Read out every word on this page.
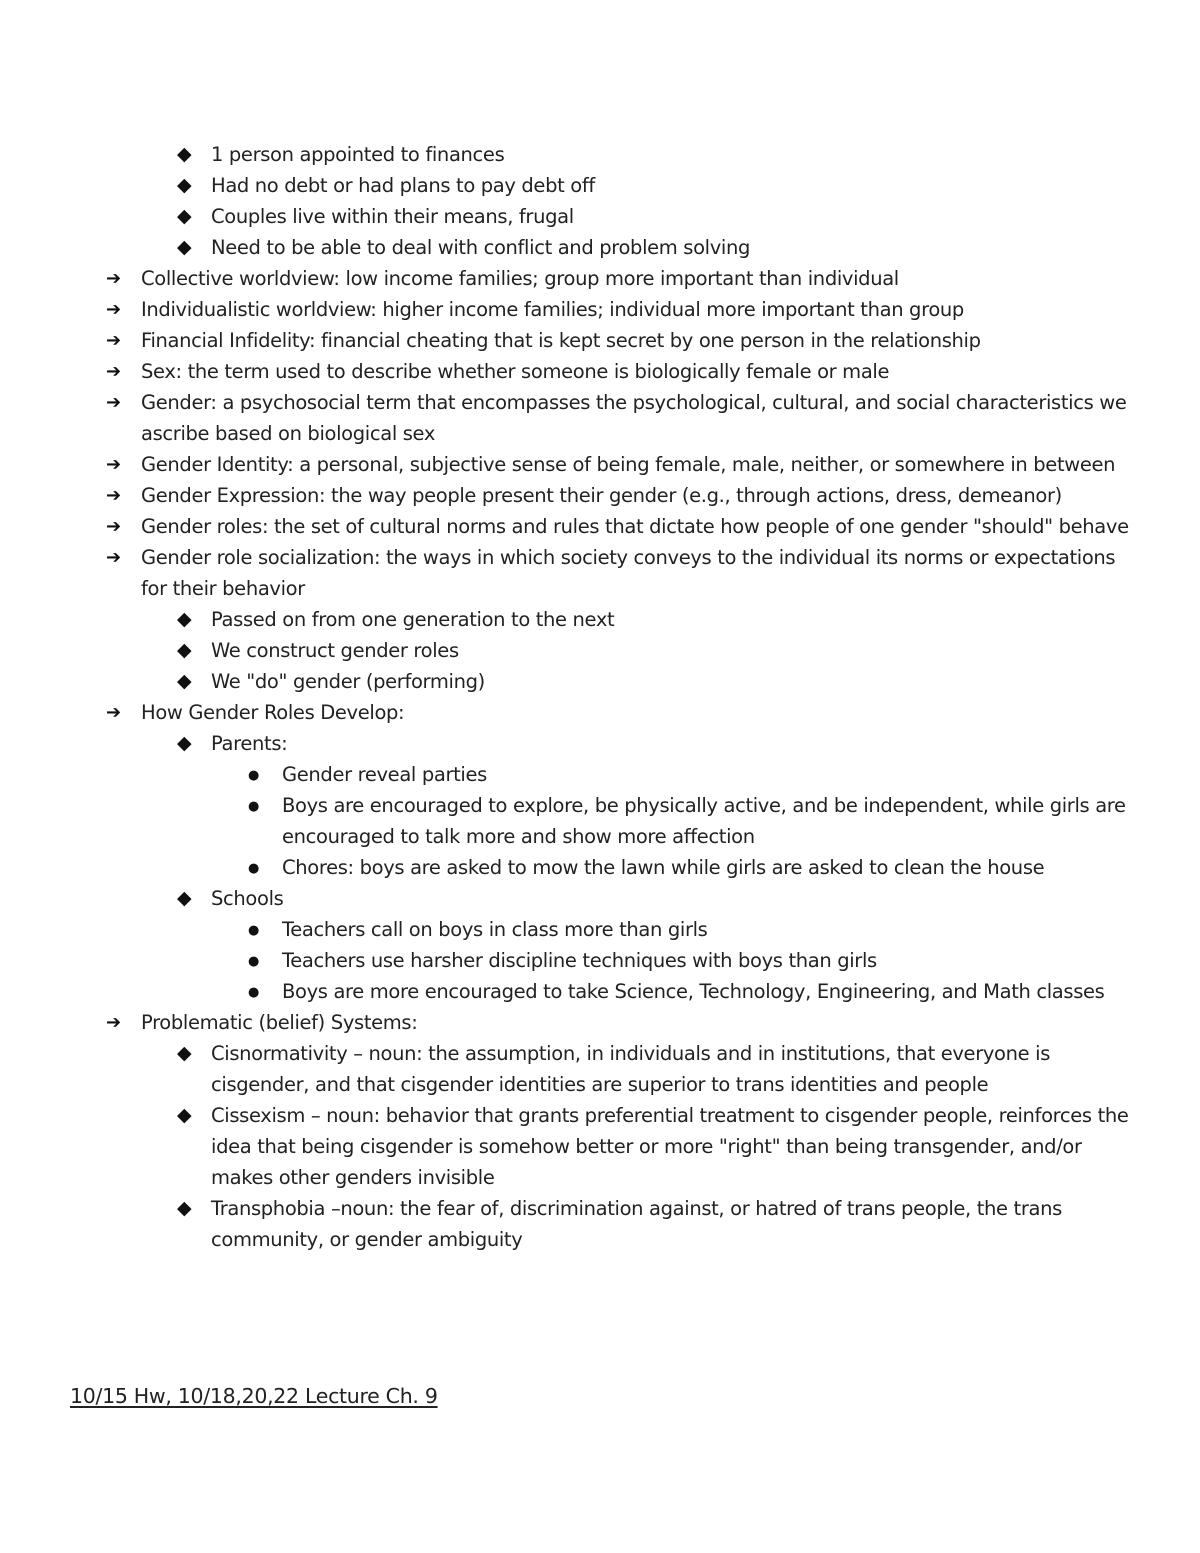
◆ 1 person appointed to finances
◆ Had no debt or had plans to pay debt off
◆ Couples live within their means, frugal
◆ Need to be able to deal with conflict and problem solving
➔ Collective worldview: low income families; group more important than individual
➔ Individualistic worldview: higher income families; individual more important than group
➔ Financial Infidelity: financial cheating that is kept secret by one person in the relationship
➔ Sex: the term used to describe whether someone is biologically female or male
➔ Gender: a psychosocial term that encompasses the psychological, cultural, and social characteristics we ascribe based on biological sex
➔ Gender Identity: a personal, subjective sense of being female, male, neither, or somewhere in between
➔ Gender Expression: the way people present their gender (e.g., through actions, dress, demeanor)
➔ Gender roles: the set of cultural norms and rules that dictate how people of one gender "should" behave
➔ Gender role socialization: the ways in which society conveys to the individual its norms or expectations for their behavior
◆ Passed on from one generation to the next
◆ We construct gender roles
◆ We "do" gender (performing)
➔ How Gender Roles Develop:
◆ Parents:
● Gender reveal parties
● Boys are encouraged to explore, be physically active, and be independent, while girls are encouraged to talk more and show more affection
● Chores: boys are asked to mow the lawn while girls are asked to clean the house
◆ Schools
● Teachers call on boys in class more than girls
● Teachers use harsher discipline techniques with boys than girls
● Boys are more encouraged to take Science, Technology, Engineering, and Math classes
➔ Problematic (belief) Systems:
◆ Cisnormativity – noun: the assumption, in individuals and in institutions, that everyone is cisgender, and that cisgender identities are superior to trans identities and people
◆ Cissexism – noun: behavior that grants preferential treatment to cisgender people, reinforces the idea that being cisgender is somehow better or more "right" than being transgender, and/or makes other genders invisible
◆ Transphobia –noun: the fear of, discrimination against, or hatred of trans people, the trans community, or gender ambiguity
10/15 Hw, 10/18,20,22 Lecture Ch. 9
